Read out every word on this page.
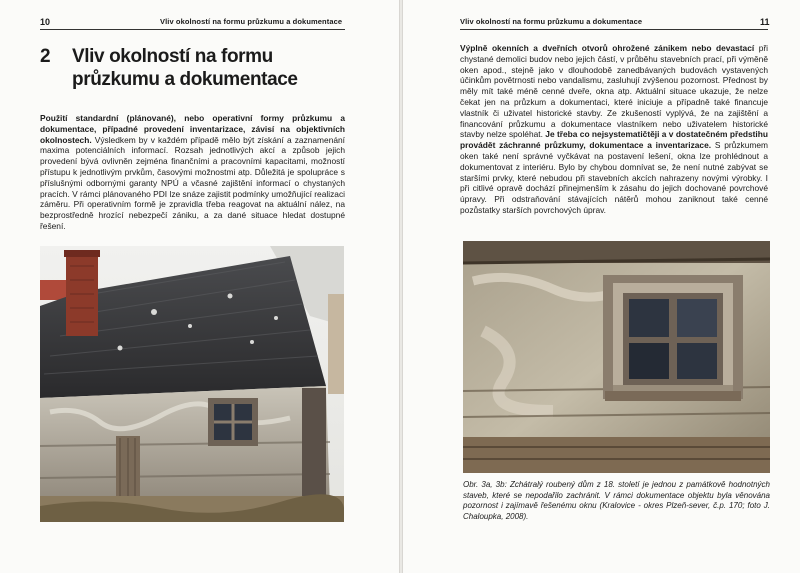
10	Vliv okolností na formu průzkumu a dokumentace
2 Vliv okolností na formu průzkumu a dokumentace
Použití standardní (plánované), nebo operativní formy průzkumu a dokumentace, případné provedení inventarizace, závisí na objektivních okolnostech. Výsledkem by v každém případě mělo být získání a zaznamenání maxima potenciálních informací. Rozsah jednotlivých akcí a způsob jejich provedení bývá ovlivněn zejména finančními a pracovními kapacitami, možností přístupu k jednotlivým prvkům, časovými možnostmi atp. Důležitá je spolupráce s příslušnými odbornými garanty NPÚ a včasné zajištění informací o chystaných pracích. V rámci plánovaného PDI lze snáze zajistit podmínky umožňující realizaci záměru. Při operativním formě je zpravidla třeba reagovat na aktuální nález, na bezprostředně hrozící nebezpečí zániku, a za dané situace hledat dostupné řešení.
Vliv okolností na formu průzkumu a dokumentace	11
Výplně okenních a dveřních otvorů ohrožené zánikem nebo devastací při chystané demolici budov nebo jejich částí, v průběhu stavebních prací, při výměně oken apod., stejně jako v dlouhodobě zanedbávaných budovách vystavených účinkům povětrnosti nebo vandalismu, zasluhují zvýšenou pozornost. Přednost by měly mít také méně cenné dveře, okna atp. Aktuální situace ukazuje, že nelze čekat jen na průzkum a dokumentaci, které iniciuje a případně také financuje vlastník či uživatel historické stavby. Ze zkušeností vyplývá, že na zajištění a financování průzkumu a dokumentace vlastníkem nebo uživatelem historické stavby nelze spoléhat. Je třeba co nejsystematičtěji a v dostatečném předstihu provádět záchranné průzkumy, dokumentace a inventarizace. S průzkumem oken také není správné vyčkávat na postavení lešení, okna lze prohlédnout a dokumentovat z interiéru. Bylo by chybou domnívat se, že není nutné zabývat se staršími prvky, které nebudou při stavebních akcích nahrazeny novými výrobky. I při citlivé opravě dochází přinejmenším k zásahu do jejich dochované povrchové úpravy. Při odstraňování stávajících nátěrů mohou zaniknout také cenné pozůstatky starších povrchových úprav.
Obr. 3a, 3b: Zchátralý roubený dům z 18. století je jednou z památkově hodnotných staveb, které se nepodařilo zachránit. V rámci dokumentace objektu byla věnována pozornost i zajímavě řešenému oknu (Kralovice - okres Plzeň-sever, č.p. 170; foto J. Chaloupka, 2008).
